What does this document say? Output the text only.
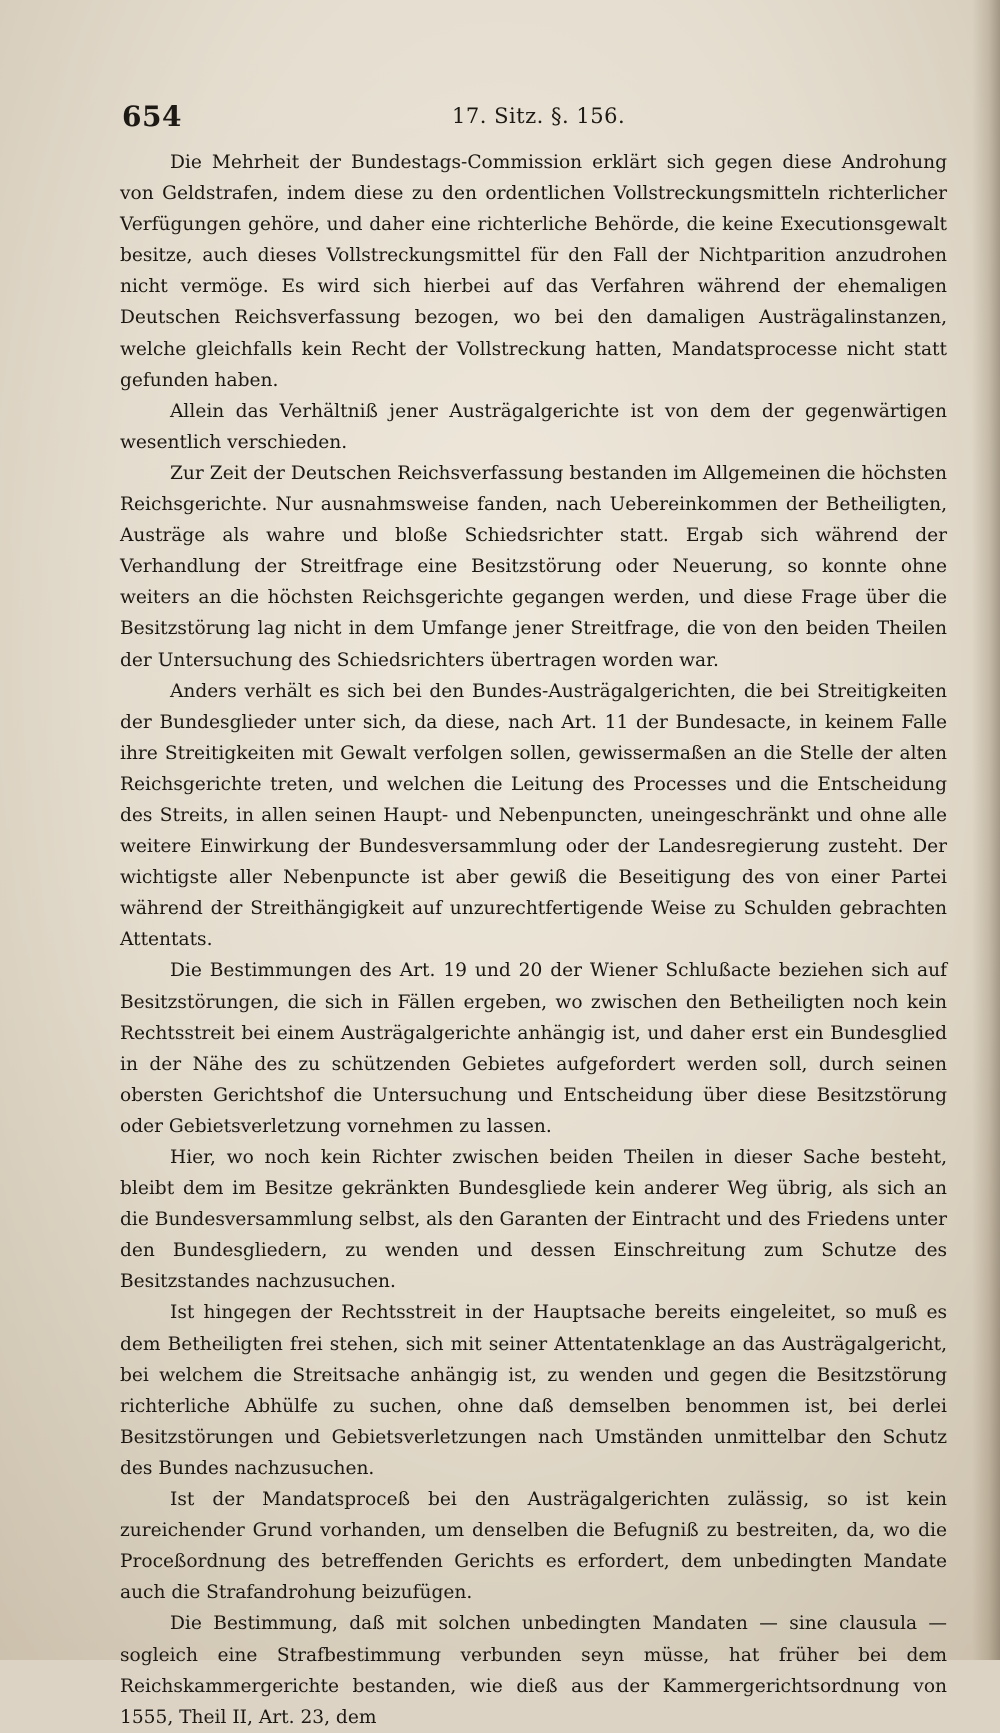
654	17. Sitz. §. 156.

Die Mehrheit der Bundestags-Commission erklärt sich gegen diese Androhung von Geldstrafen, indem diese zu den ordentlichen Vollstreckungsmitteln richterlicher Verfügungen gehöre, und daher eine richterliche Behörde, die keine Executionsgewalt besitze, auch dieses Vollstreckungsmittel für den Fall der Nichtparition anzudrohen nicht vermöge. Es wird sich hierbei auf das Verfahren während der ehemaligen Deutschen Reichsverfassung bezogen, wo bei den damaligen Austrägalinstanzen, welche gleichfalls kein Recht der Vollstreckung hatten, Mandatsprocesse nicht statt gefunden haben.

Allein das Verhältniß jener Austrägalgerichte ist von dem der gegenwärtigen wesentlich verschieden.

Zur Zeit der Deutschen Reichsverfassung bestanden im Allgemeinen die höchsten Reichsgerichte. Nur ausnahmsweise fanden, nach Uebereinkommen der Betheiligten, Austräge als wahre und bloße Schiedsrichter statt. Ergab sich während der Verhandlung der Streitfrage eine Besitzstörung oder Neuerung, so konnte ohne weiters an die höchsten Reichsgerichte gegangen werden, und diese Frage über die Besitzstörung lag nicht in dem Umfange jener Streitfrage, die von den beiden Theilen der Untersuchung des Schiedsrichters übertragen worden war.

Anders verhält es sich bei den Bundes-Austrägalgerichten, die bei Streitigkeiten der Bundesglieder unter sich, da diese, nach Art. 11 der Bundesacte, in keinem Falle ihre Streitigkeiten mit Gewalt verfolgen sollen, gewissermaßen an die Stelle der alten Reichsgerichte treten, und welchen die Leitung des Processes und die Entscheidung des Streits, in allen seinen Haupt- und Nebenpuncten, uneingeschränkt und ohne alle weitere Einwirkung der Bundesversammlung oder der Landesregierung zusteht. Der wichtigste aller Nebenpuncte ist aber gewiß die Beseitigung des von einer Partei während der Streithängigkeit auf unzurechtfertigende Weise zu Schulden gebrachten Attentats.

Die Bestimmungen des Art. 19 und 20 der Wiener Schlußacte beziehen sich auf Besitzstörungen, die sich in Fällen ergeben, wo zwischen den Betheiligten noch kein Rechtsstreit bei einem Austrägalgerichte anhängig ist, und daher erst ein Bundesglied in der Nähe des zu schützenden Gebietes aufgefordert werden soll, durch seinen obersten Gerichtshof die Untersuchung und Entscheidung über diese Besitzstörung oder Gebietsverletzung vornehmen zu lassen.

Hier, wo noch kein Richter zwischen beiden Theilen in dieser Sache besteht, bleibt dem im Besitze gekränkten Bundesgliede kein anderer Weg übrig, als sich an die Bundesversammlung selbst, als den Garanten der Eintracht und des Friedens unter den Bundesgliedern, zu wenden und dessen Einschreitung zum Schutze des Besitzstandes nachzusuchen.

Ist hingegen der Rechtsstreit in der Hauptsache bereits eingeleitet, so muß es dem Betheiligten frei stehen, sich mit seiner Attentatenklage an das Austrägalgericht, bei welchem die Streitsache anhängig ist, zu wenden und gegen die Besitzstörung richterliche Abhülfe zu suchen, ohne daß demselben benommen ist, bei derlei Besitzstörungen und Gebietsverletzungen nach Umständen unmittelbar den Schutz des Bundes nachzusuchen.

Ist der Mandatsproceß bei den Austrägalgerichten zulässig, so ist kein zureichender Grund vorhanden, um denselben die Befugniß zu bestreiten, da, wo die Proceßordnung des betreffenden Gerichts es erfordert, dem unbedingten Mandate auch die Strafandrohung beizufügen.

Die Bestimmung, daß mit solchen unbedingten Mandaten — sine clausula — sogleich eine Strafbestimmung verbunden seyn müsse, hat früher bei dem Reichskammergerichte bestanden, wie dieß aus der Kammergerichtsordnung von 1555, Theil II, Art. 23, dem
